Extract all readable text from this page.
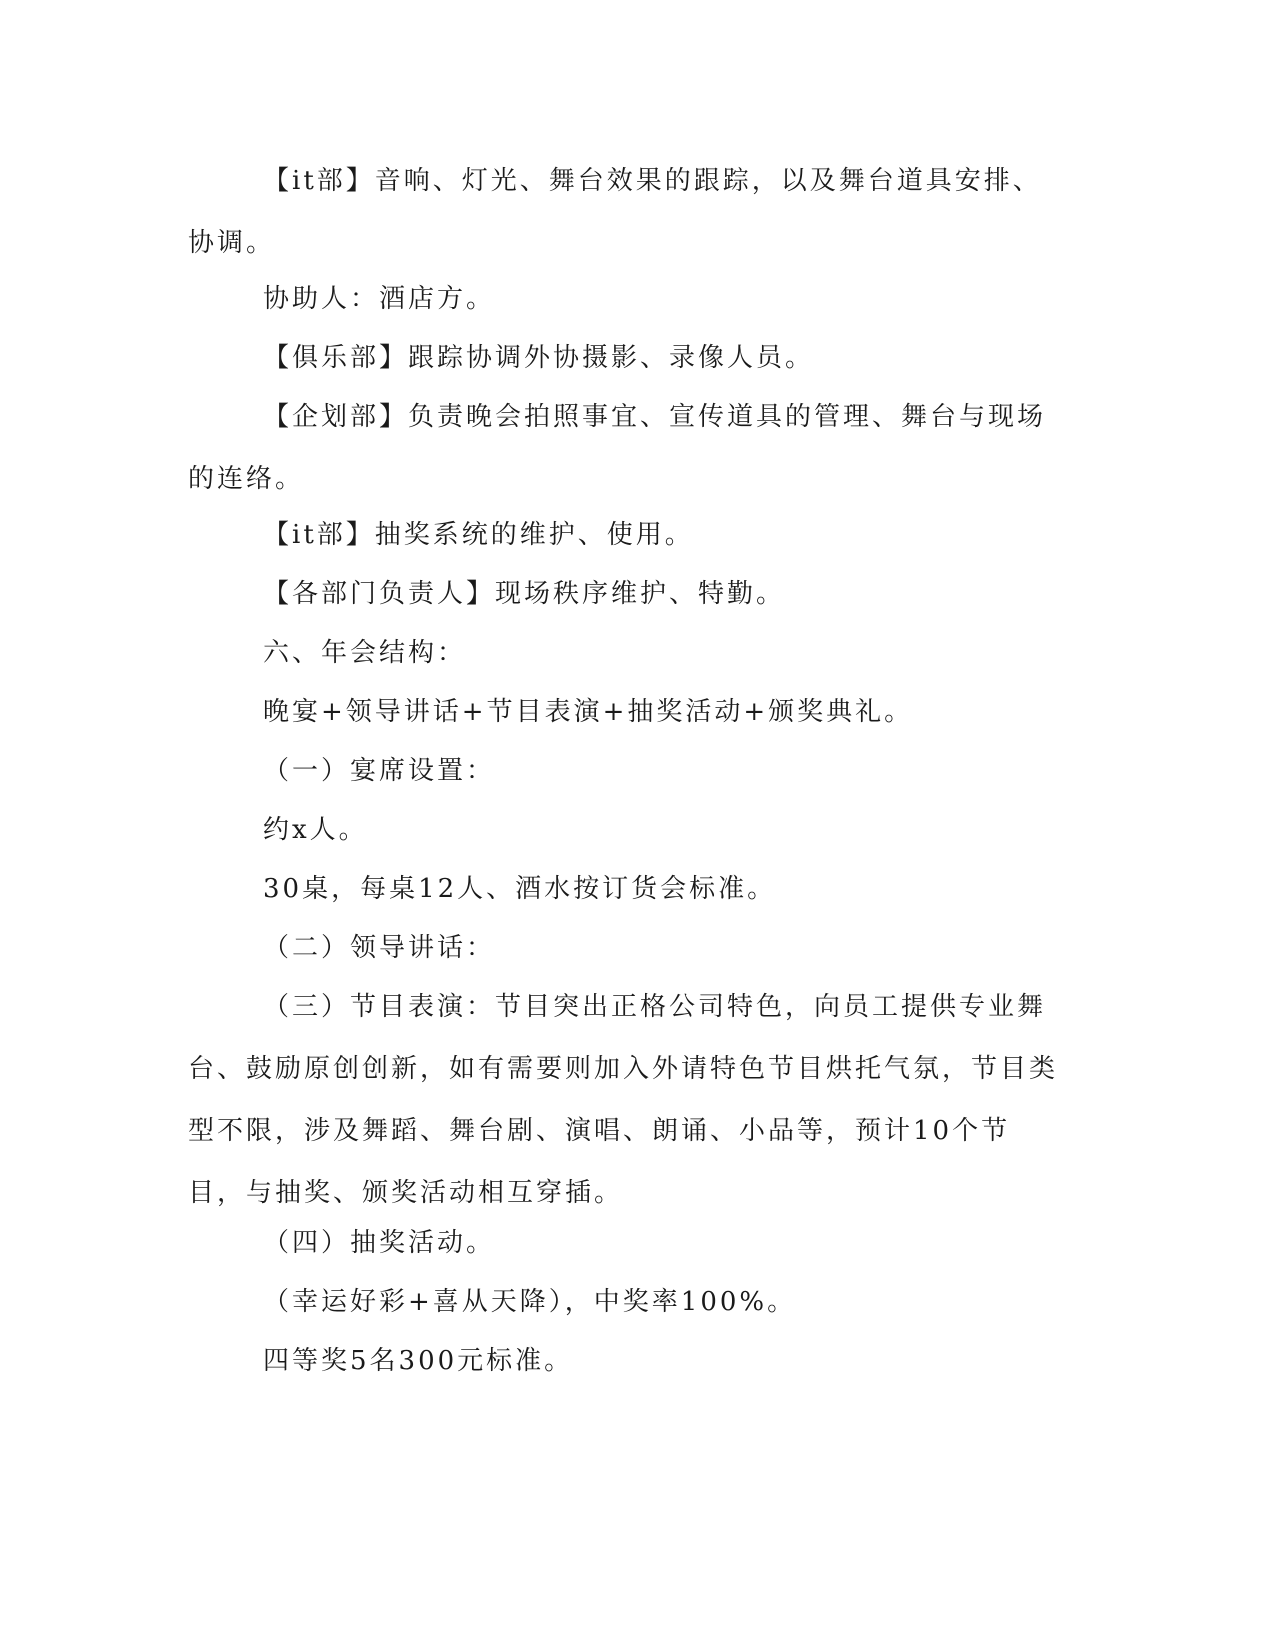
【it部】音响、灯光、舞台效果的跟踪，以及舞台道具安排、协调。

协助人：酒店方。

【俱乐部】跟踪协调外协摄影、录像人员。

【企划部】负责晚会拍照事宜、宣传道具的管理、舞台与现场的连络。

【it部】抽奖系统的维护、使用。

【各部门负责人】现场秩序维护、特勤。

六、年会结构：

晚宴+领导讲话+节目表演+抽奖活动+颁奖典礼。

（一）宴席设置：

约x人。

30桌，每桌12人、酒水按订货会标准。

（二）领导讲话：

（三）节目表演：节目突出正格公司特色，向员工提供专业舞台、鼓励原创创新，如有需要则加入外请特色节目烘托气氛，节目类型不限，涉及舞蹈、舞台剧、演唱、朗诵、小品等，预计10个节目，与抽奖、颁奖活动相互穿插。

（四）抽奖活动。

（幸运好彩+喜从天降），中奖率100%。

四等奖5名300元标准。
